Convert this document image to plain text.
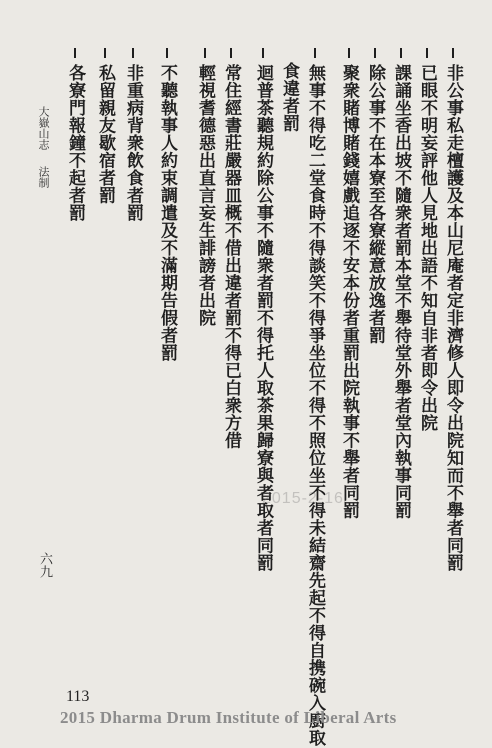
非公事私走檀護及本山尼庵者定非濟修人即令出院知而不舉者同罰
已眼不明妄評他人見地出語不知自非者即令出院
課誦坐香出坡不隨衆者罰本堂不舉待堂外舉者堂內執事同罰
除公事不在本寮至各寮縱意放逸者罰
聚衆賭博賭錢嬉戲追逐不安本份者重罰出院執事不舉者同罰
無事不得吃二堂食時不得談笑不得爭坐位不得不照位坐不得未結齋先起不得自携碗入廚取
食違者罰
迴普茶聽規約除公事不隨衆者罰不得托人取茶果歸寮與者取者同罰
常住經書莊嚴器皿概不借出違者罰不得已白衆方借
輕視耆德惡出直言妄生誹謗者出院
不聽執事人約束調遣及不滿期告假者罰
非重病背衆飲食者罰
私留親友歇宿者罰
各寮門報鐘不起者罰
大嶽山志
法制
六九
2015-2-16
113
2015 Dharma Drum Institute of Liberal Arts
